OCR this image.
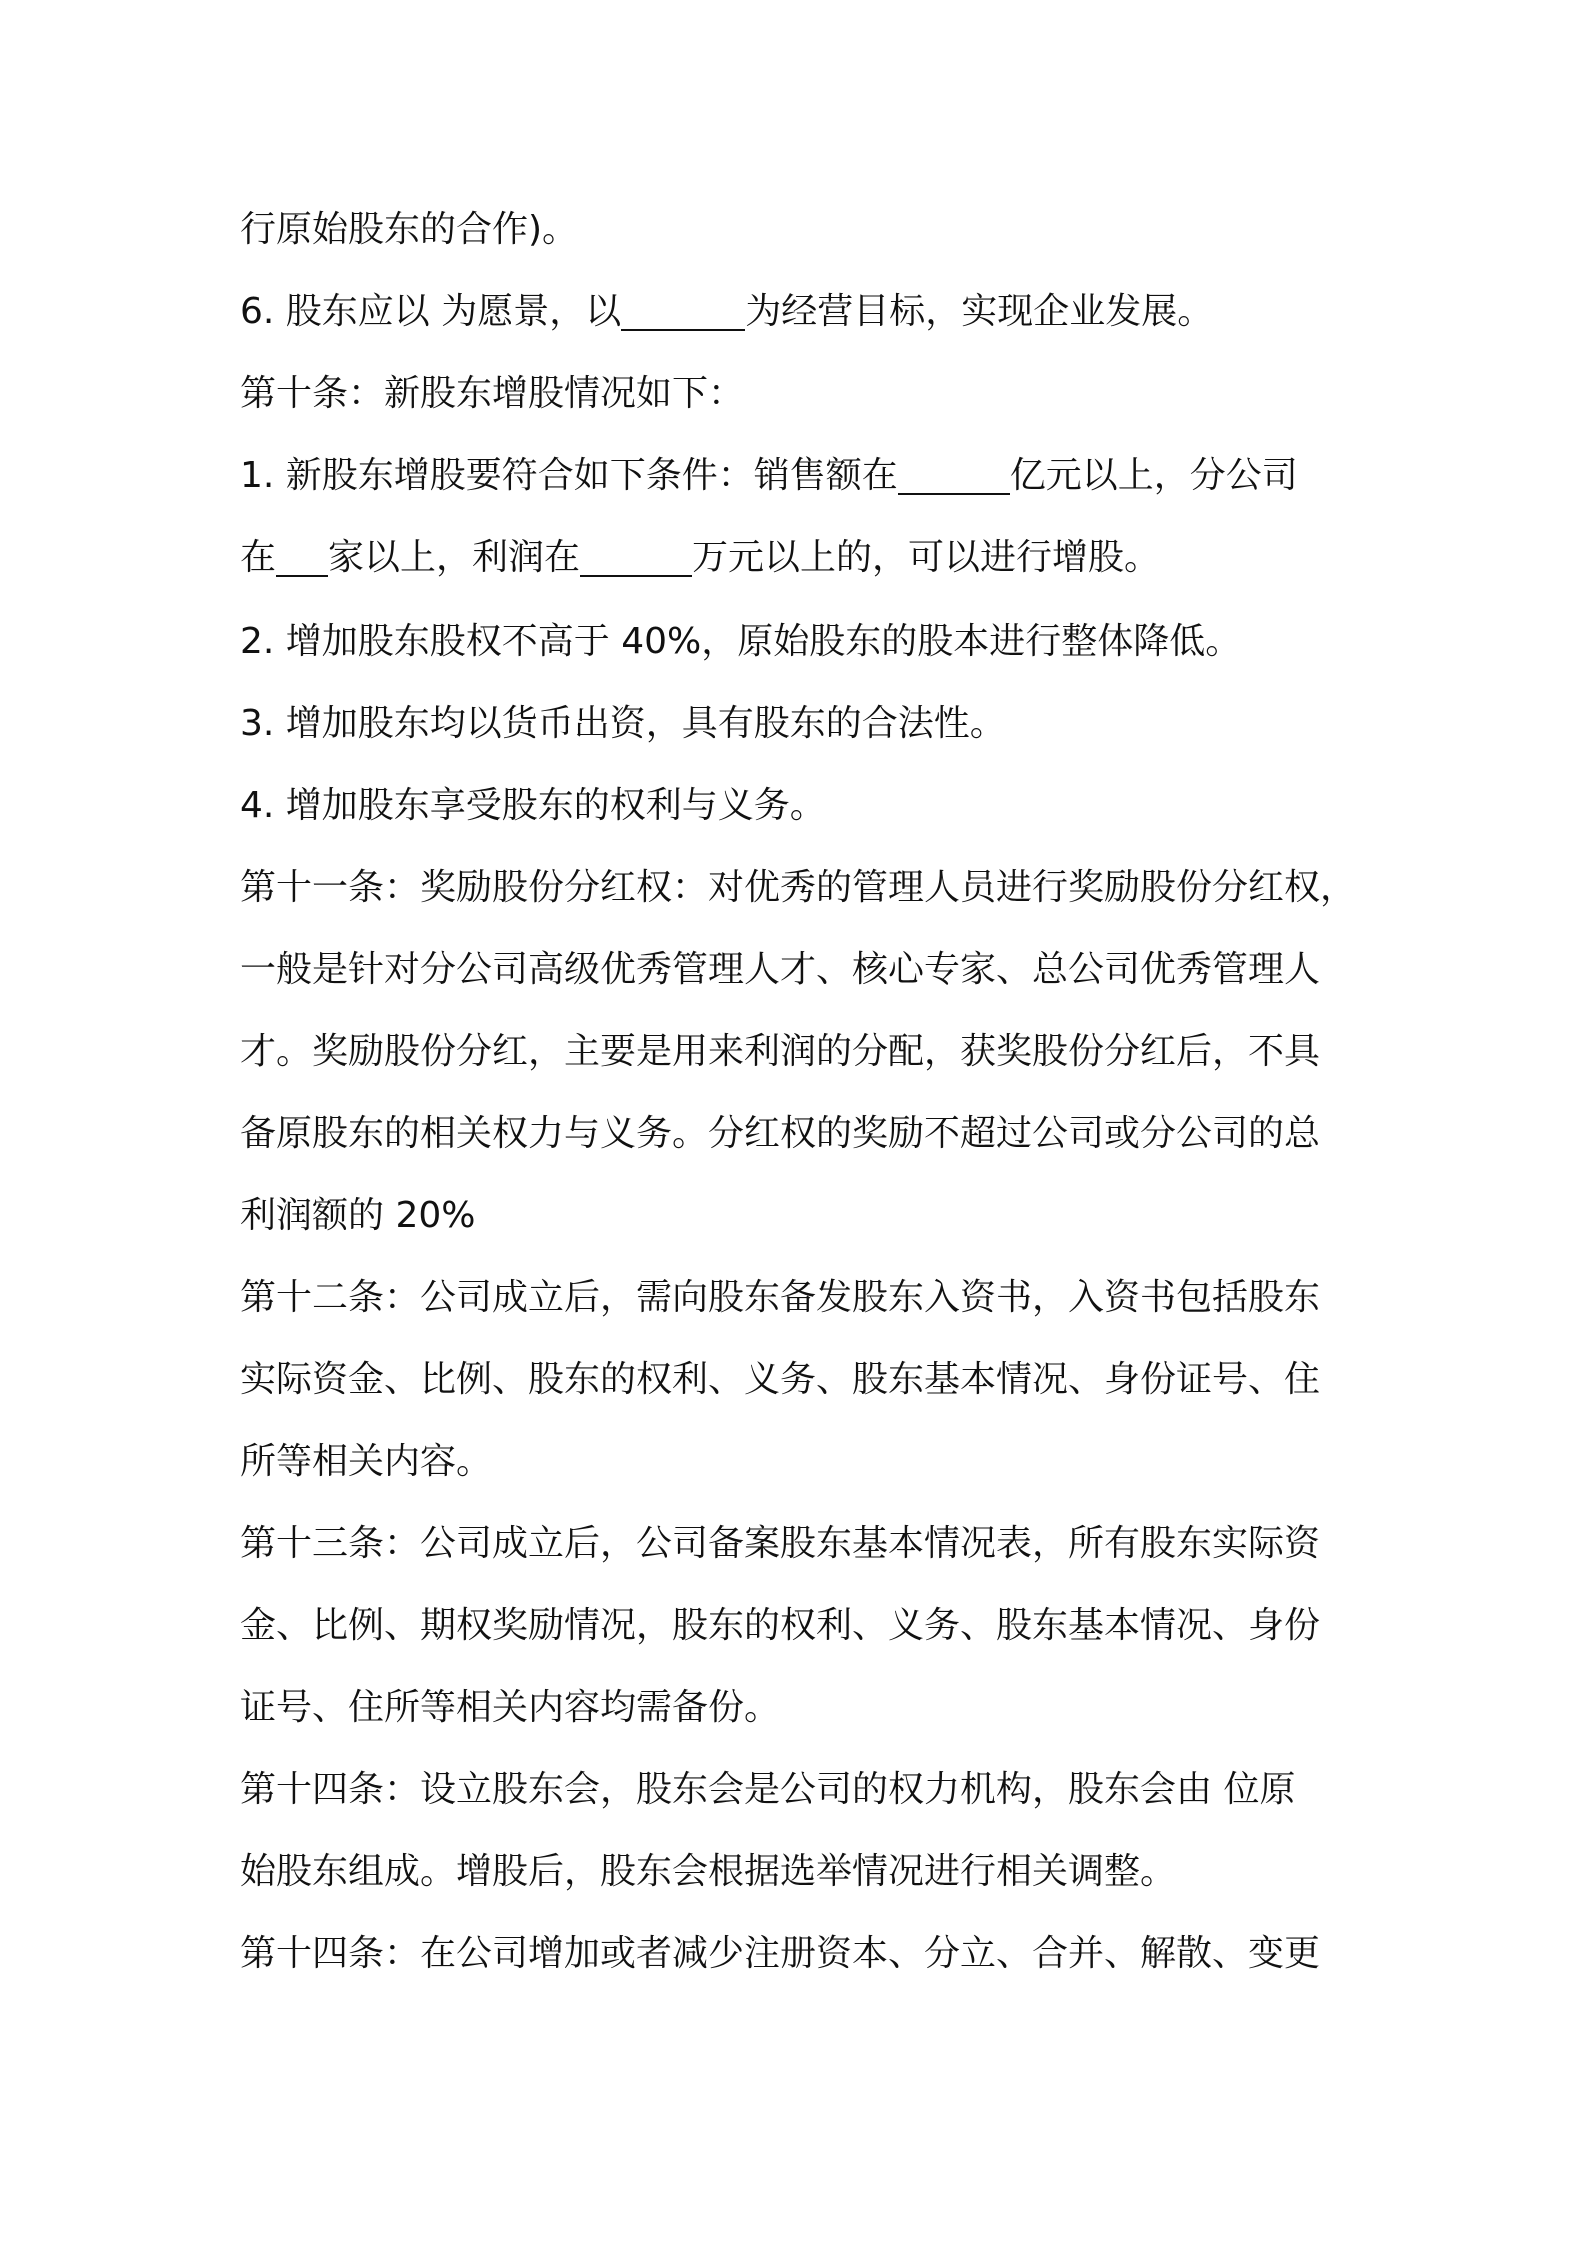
行原始股东的合作)。
6. 股东应以 为愿景，以	为经营目标，实现企业发展。
第十条：新股东增股情况如下：
1. 新股东增股要符合如下条件：销售额在	亿元以上，分公司
在 家以上，利润在	万元以上的，可以进行增股。
2. 增加股东股权不高于 40%，原始股东的股本进行整体降低。
3. 增加股东均以货币出资，具有股东的合法性。
4. 增加股东享受股东的权利与义务。
第十一条：奖励股份分红权：对优秀的管理人员进行奖励股份分红权，
一般是针对分公司高级优秀管理人才、核心专家、总公司优秀管理人
才。奖励股份分红，主要是用来利润的分配，获奖股份分红后，不具
备原股东的相关权力与义务。分红权的奖励不超过公司或分公司的总
利润额的 20%
第十二条：公司成立后，需向股东备发股东入资书，入资书包括股东
实际资金、比例、股东的权利、义务、股东基本情况、身份证号、住
所等相关内容。
第十三条：公司成立后，公司备案股东基本情况表，所有股东实际资
金、比例、期权奖励情况，股东的权利、义务、股东基本情况、身份
证号、住所等相关内容均需备份。
第十四条：设立股东会，股东会是公司的权力机构，股东会由 位原
始股东组成。增股后，股东会根据选举情况进行相关调整。
第十四条：在公司增加或者减少注册资本、分立、合并、解散、变更
